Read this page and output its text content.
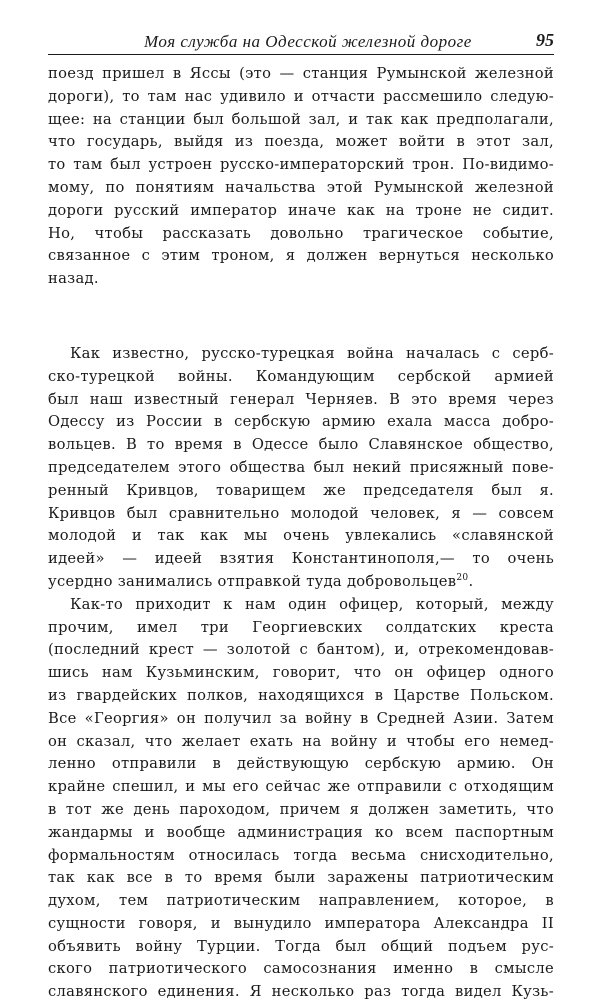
Моя служба на Одесской железной дороге	95
поезд пришел в Яссы (это — станция Румынской железной
дороги), то там нас удивило и отчасти рассмешило следую-
щее: на станции был большой зал, и так как предполагали,
что государь, выйдя из поезда, может войти в этот зал,
то там был устроен русско-императорский трон. По-видимо-
мому, по понятиям начальства этой Румынской железной
дороги русский император иначе как на троне не сидит.
Но, чтобы рассказать довольно трагическое событие,
связанное с этим троном, я должен вернуться несколько
назад.
Как известно, русско-турецкая война началась с серб-
ско-турецкой войны. Командующим сербской армией
был наш известный генерал Черняев. В это время через
Одессу из России в сербскую армию ехала масса добро-
вольцев. В то время в Одессе было Славянское общество,
председателем этого общества был некий присяжный пове-
ренный Кривцов, товарищем же председателя был я.
Кривцов был сравнительно молодой человек, я — совсем
молодой и так как мы очень увлекались «славянской
идеей» — идеей взятия Константинополя,— то очень
усердно занимались отправкой туда добровольцев$^{20}$.
Как-то приходит к нам один офицер, который, между
прочим, имел три Георгиевских солдатских креста
(последний крест — золотой с бантом), и, отрекомендовав-
шись нам Кузьминским, говорит, что он офицер одного
из гвардейских полков, находящихся в Царстве Польском.
Все «Георгия» он получил за войну в Средней Азии. Затем
он сказал, что желает ехать на войну и чтобы его немед-
ленно отправили в действующую сербскую армию. Он
крайне спешил, и мы его сейчас же отправили с отходящим
в тот же день пароходом, причем я должен заметить, что
жандармы и вообще администрация ко всем паспортным
формальностям относилась тогда весьма снисходительно,
так как все в то время были заражены патриотическим
духом, тем патриотическим направлением, которое, в
сущности говоря, и вынудило императора Александра II
объявить войну Турции. Тогда был общий подъем рус-
ского патриотического самосознания именно в смысле
славянского единения. Я несколько раз тогда видел Кузь-
